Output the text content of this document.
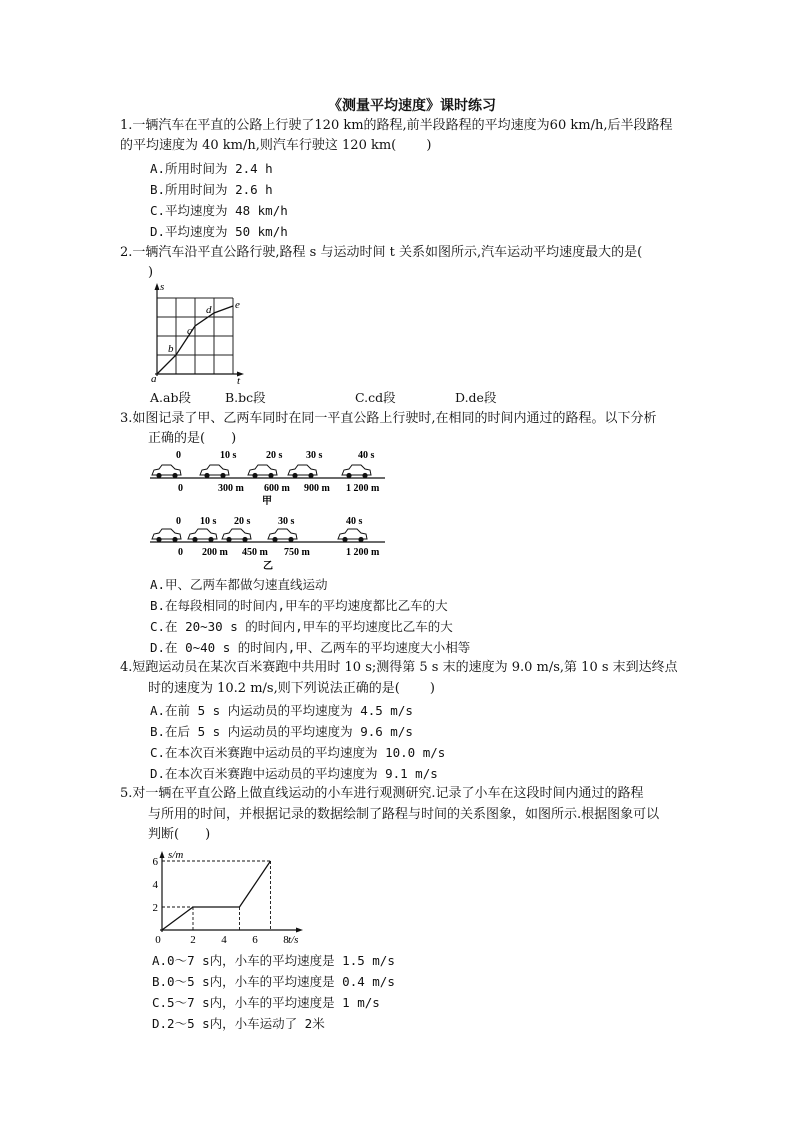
《测量平均速度》课时练习
1.一辆汽车在平直的公路上行驶了120 km的路程,前半段路程的平均速度为60 km/h,后半段路程
的平均速度为 40 km/h,则汽车行驶这 120 km(　　 )
A.所用时间为 2.4 h
B.所用时间为 2.6 h
C.平均速度为 48 km/h
D.平均速度为 50 km/h
2.一辆汽车沿平直公路行驶,路程 s 与运动时间 t 关系如图所示,汽车运动平均速度最大的是(
)
s
t
a
b
c
d e
A.ab段	B.bc段	C.cd段	D.de段
3.如图记录了甲、乙两车同时在同一平直公路上行驶时,在相同的时间内通过的路程。以下分析
正确的是(　　)
0	10 s	20 s 30 s	40 s
0	300 m 600 m 900 m 1 200 m
甲
0 10 s 20 s	30 s	40 s
0 200 m 450 m 750 m	1 200 m
乙
A.甲、乙两车都做匀速直线运动
B.在每段相同的时间内,甲车的平均速度都比乙车的大
C.在 20~30 s 的时间内,甲车的平均速度比乙车的大
D.在 0~40 s 的时间内,甲、乙两车的平均速度大小相等
4.短跑运动员在某次百米赛跑中共用时 10 s;测得第 5 s 末的速度为 9.0 m/s,第 10 s 末到达终点
时的速度为 10.2 m/s,则下列说法正确的是(　　 )
A.在前 5 s 内运动员的平均速度为 4.5 m/s
B.在后 5 s 内运动员的平均速度为 9.6 m/s
C.在本次百米赛跑中运动员的平均速度为 10.0 m/s
D.在本次百米赛跑中运动员的平均速度为 9.1 m/s
5.对一辆在平直公路上做直线运动的小车进行观测研究.记录了小车在这段时间内通过的路程
与所用的时间，并根据记录的数据绘制了路程与时间的关系图象，如图所示.根据图象可以
判断(　　)
0	2 4 6 8
2
4
6
s/m
t/s
A.0～7 s内，小车的平均速度是 1.5 m/s
B.0～5 s内，小车的平均速度是 0.4 m/s
C.5～7 s内，小车的平均速度是 1 m/s
D.2～5 s内，小车运动了 2米
